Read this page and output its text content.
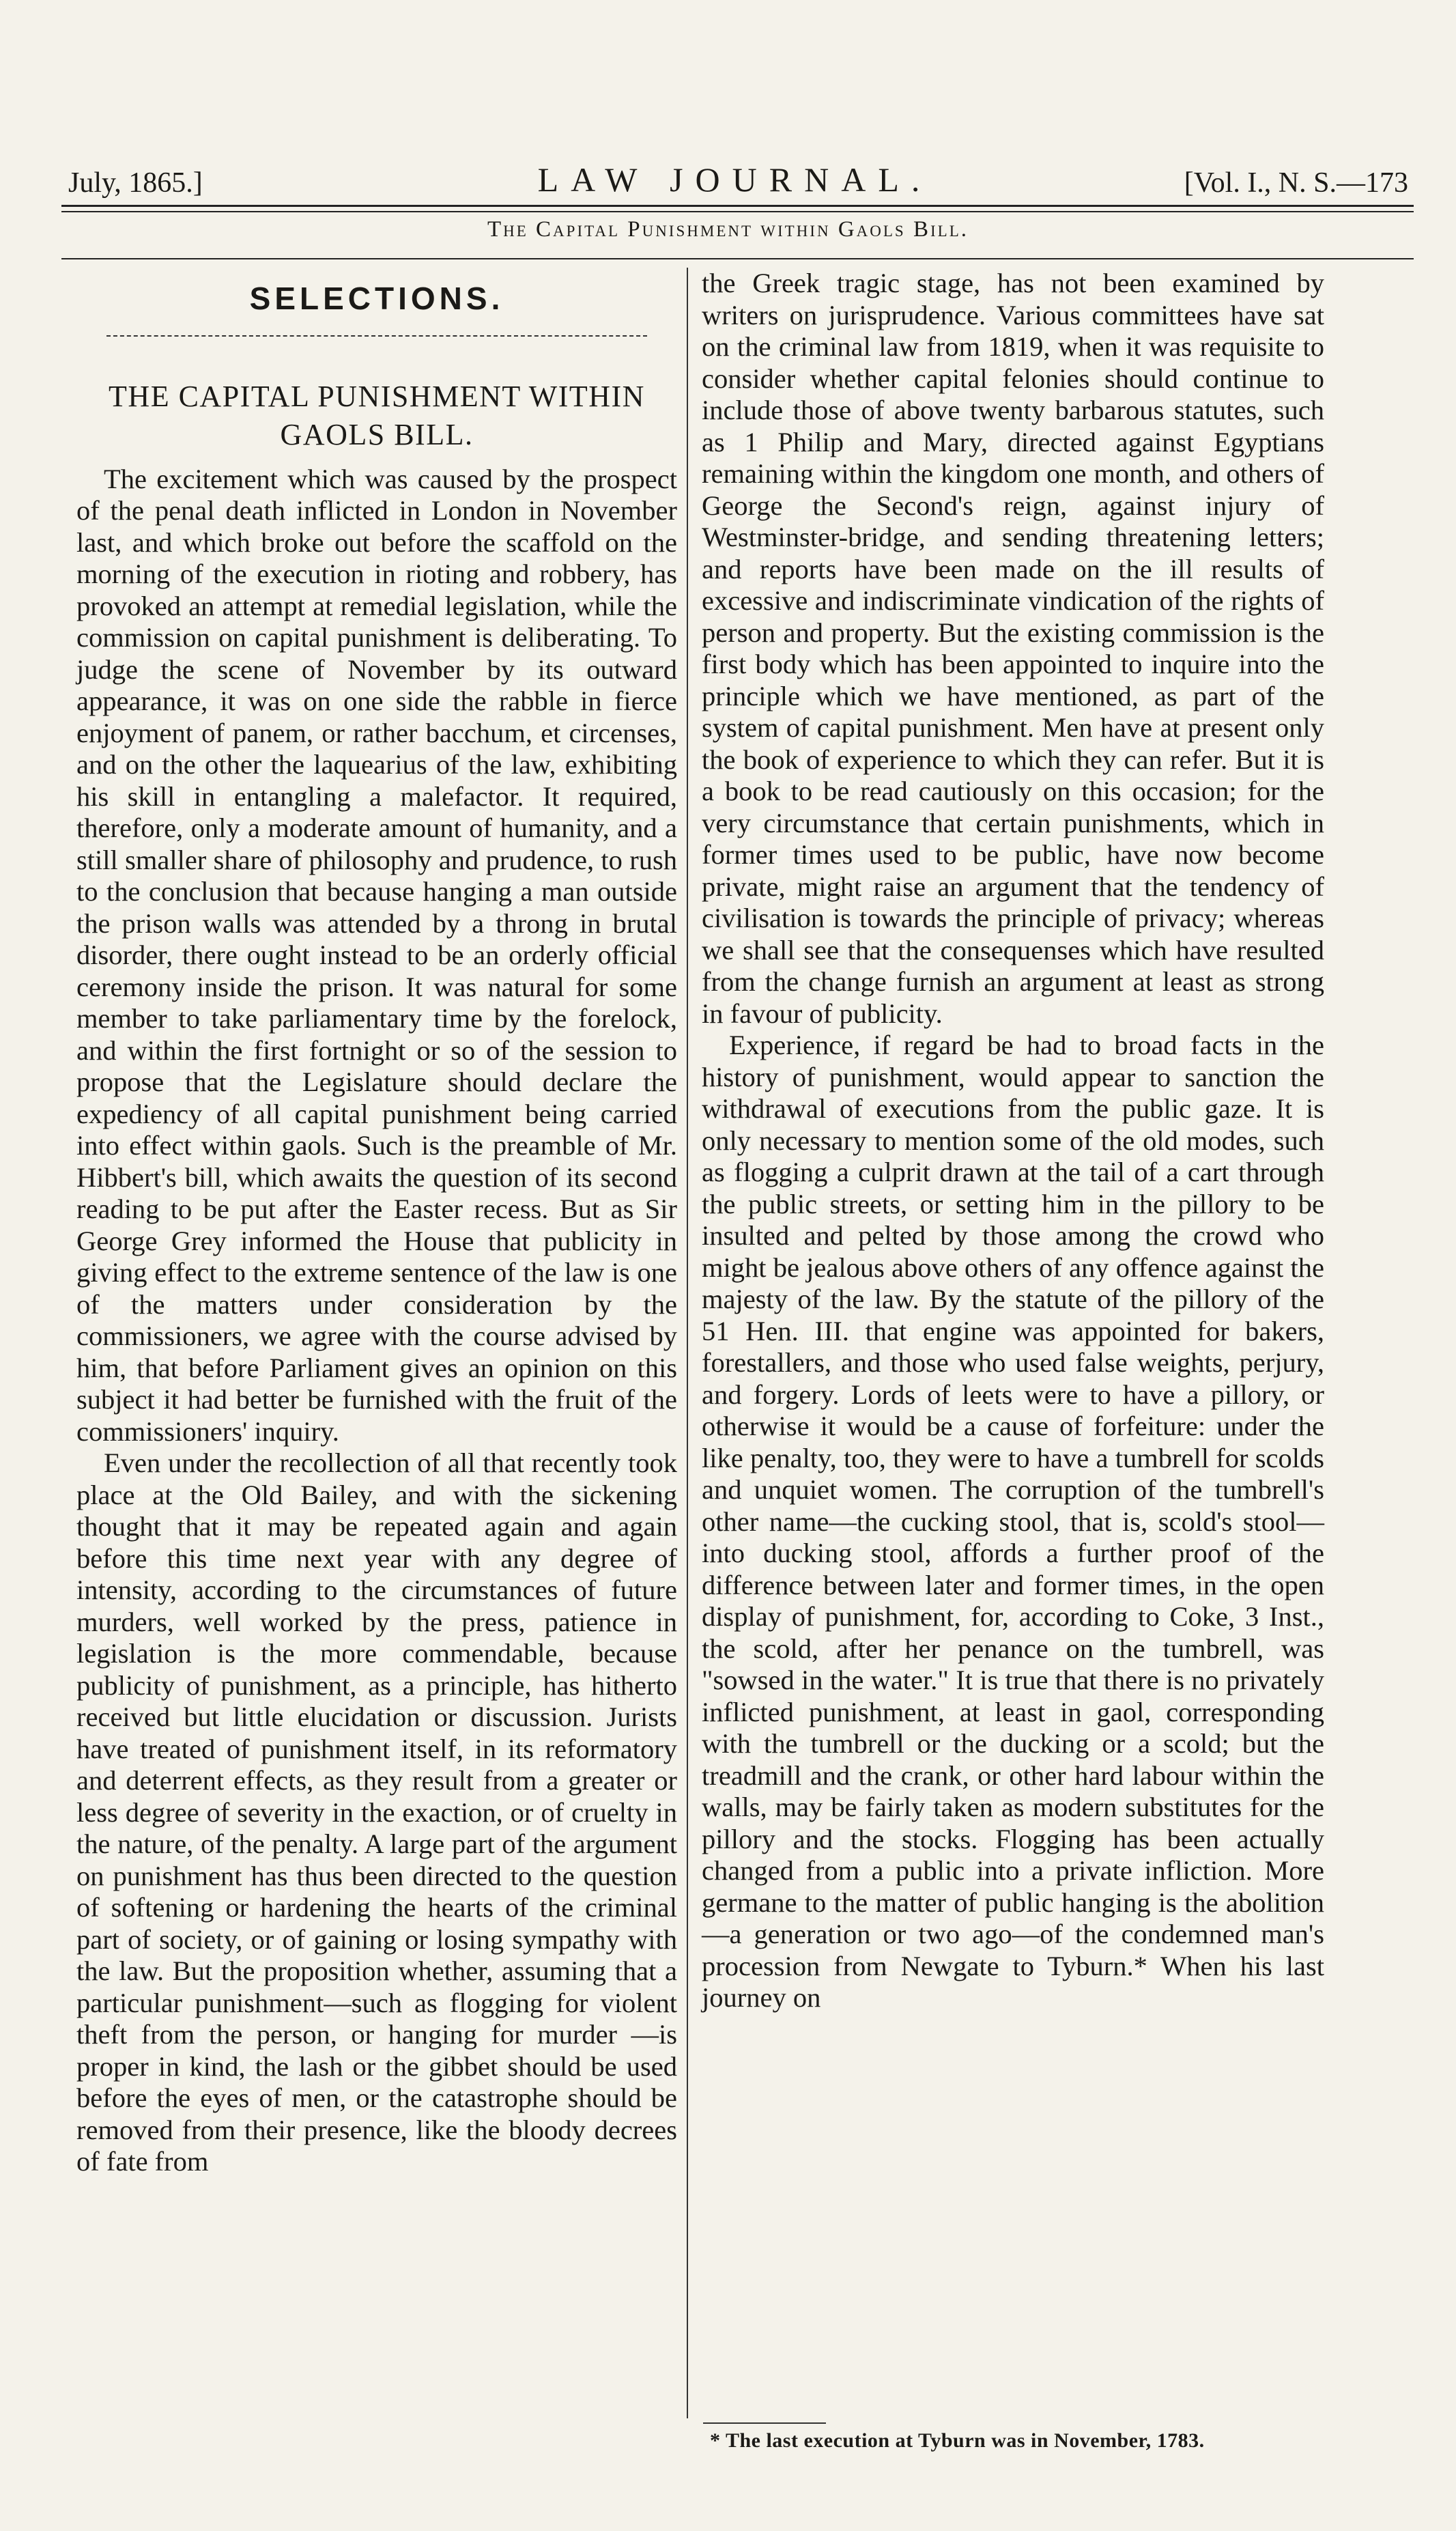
July, 1865.]	LAW JOURNAL.	[Vol. I., N. S.—173
The Capital Punishment within Gaols Bill.
SELECTIONS.
THE CAPITAL PUNISHMENT WITHIN GAOLS BILL.

The excitement which was caused by the prospect of the penal death inflicted in London in November last, and which broke out before the scaffold on the morning of the execution in rioting and robbery, has provoked an attempt at remedial legislation, while the commission on capital punishment is deliberating. To judge the scene of November by its outward appearance, it was on one side the rabble in fierce enjoyment of panem, or rather bacchum, et circenses, and on the other the laquearius of the law, exhibiting his skill in entangling a malefactor. It required, therefore, only a moderate amount of humanity, and a still smaller share of philosophy and prudence, to rush to the conclusion that because hanging a man outside the prison walls was attended by a throng in brutal disorder, there ought instead to be an orderly official ceremony inside the prison. It was natural for some member to take parliamentary time by the forelock, and within the first fortnight or so of the session to propose that the Legislature should declare the expediency of all capital punishment being carried into effect within gaols. Such is the preamble of Mr. Hibbert's bill, which awaits the question of its second reading to be put after the Easter recess. But as Sir George Grey informed the House that publicity in giving effect to the extreme sentence of the law is one of the matters under consideration by the commissioners, we agree with the course advised by him, that before Parliament gives an opinion on this subject it had better be furnished with the fruit of the commissioners' inquiry.

Even under the recollection of all that recently took place at the Old Bailey, and with the sickening thought that it may be repeated again and again before this time next year with any degree of intensity, according to the circumstances of future murders, well worked by the press, patience in legislation is the more commendable, because publicity of punishment, as a principle, has hitherto received but little elucidation or discussion. Jurists have treated of punishment itself, in its reformatory and deterrent effects, as they result from a greater or less degree of severity in the exaction, or of cruelty in the nature, of the penalty. A large part of the argument on punishment has thus been directed to the question of softening or hardening the hearts of the criminal part of society, or of gaining or losing sympathy with the law. But the proposition whether, assuming that a particular punishment—such as flogging for violent theft from the person, or hanging for murder —is proper in kind, the lash or the gibbet should be used before the eyes of men, or the catastrophe should be removed from their presence, like the bloody decrees of fate from

the Greek tragic stage, has not been examined by writers on jurisprudence. Various committees have sat on the criminal law from 1819, when it was requisite to consider whether capital felonies should continue to include those of above twenty barbarous statutes, such as 1 Philip and Mary, directed against Egyptians remaining within the kingdom one month, and others of George the Second's reign, against injury of Westminster-bridge, and sending threatening letters; and reports have been made on the ill results of excessive and indiscriminate vindication of the rights of person and property. But the existing commission is the first body which has been appointed to inquire into the principle which we have mentioned, as part of the system of capital punishment. Men have at present only the book of experience to which they can refer. But it is a book to be read cautiously on this occasion; for the very circumstance that certain punishments, which in former times used to be public, have now become private, might raise an argument that the tendency of civilisation is towards the principle of privacy; whereas we shall see that the consequenses which have resulted from the change furnish an argument at least as strong in favour of publicity.

Experience, if regard be had to broad facts in the history of punishment, would appear to sanction the withdrawal of executions from the public gaze. It is only necessary to mention some of the old modes, such as flogging a culprit drawn at the tail of a cart through the public streets, or setting him in the pillory to be insulted and pelted by those among the crowd who might be jealous above others of any offence against the majesty of the law. By the statute of the pillory of the 51 Hen. III. that engine was appointed for bakers, forestallers, and those who used false weights, perjury, and forgery. Lords of leets were to have a pillory, or otherwise it would be a cause of forfeiture: under the like penalty, too, they were to have a tumbrell for scolds and unquiet women. The corruption of the tumbrell's other name—the cucking stool, that is, scold's stool—into ducking stool, affords a further proof of the difference between later and former times, in the open display of punishment, for, according to Coke, 3 Inst., the scold, after her penance on the tumbrell, was "sowsed in the water." It is true that there is no privately inflicted punishment, at least in gaol, corresponding with the tumbrell or the ducking or a scold; but the treadmill and the crank, or other hard labour within the walls, may be fairly taken as modern substitutes for the pillory and the stocks. Flogging has been actually changed from a public into a private infliction. More germane to the matter of public hanging is the abolition—a generation or two ago—of the condemned man's procession from Newgate to Tyburn.* When his last journey on

* The last execution at Tyburn was in November, 1783.
